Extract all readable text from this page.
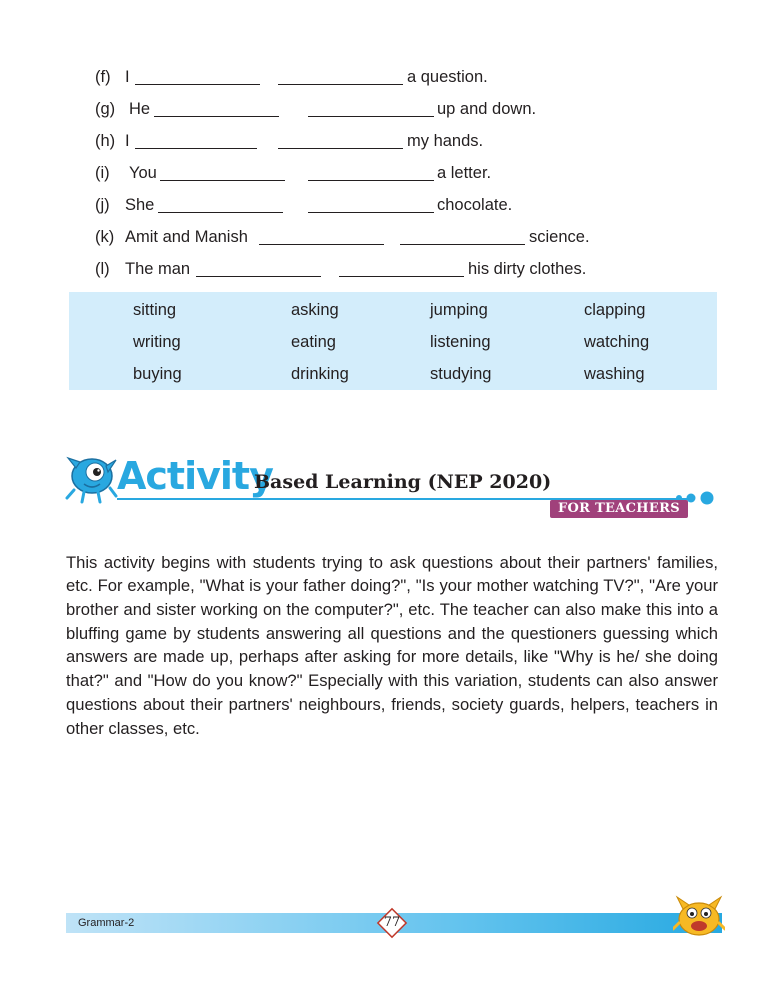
(f) I	a question.
(g) He	up and down.
(h) I	my hands.
(i) You	a letter.
(j) She	chocolate.
(k) Amit and Manish	science.
(l) The man	his dirty clothes.
sitting	asking	jumping	clapping
writing	eating	listening	watching
buying	drinking	studying	washing
Activity
Based Learning (NEP 2020)
FOR TEACHERS

This activity begins with students trying to ask questions about their partners' families, etc. For example, "What is your father doing?", "Is your mother watching TV?", "Are your brother and sister working on the computer?", etc. The teacher can also make this into a bluffing game by students answering all questions and the questioners guessing which answers are made up, perhaps after asking for more details, like "Why is he/ she doing that?" and "How do you know?" Especially with this variation, students can also answer questions about their partners' neighbours, friends, society guards, helpers, teachers in other classes, etc.

Grammar-2	77
